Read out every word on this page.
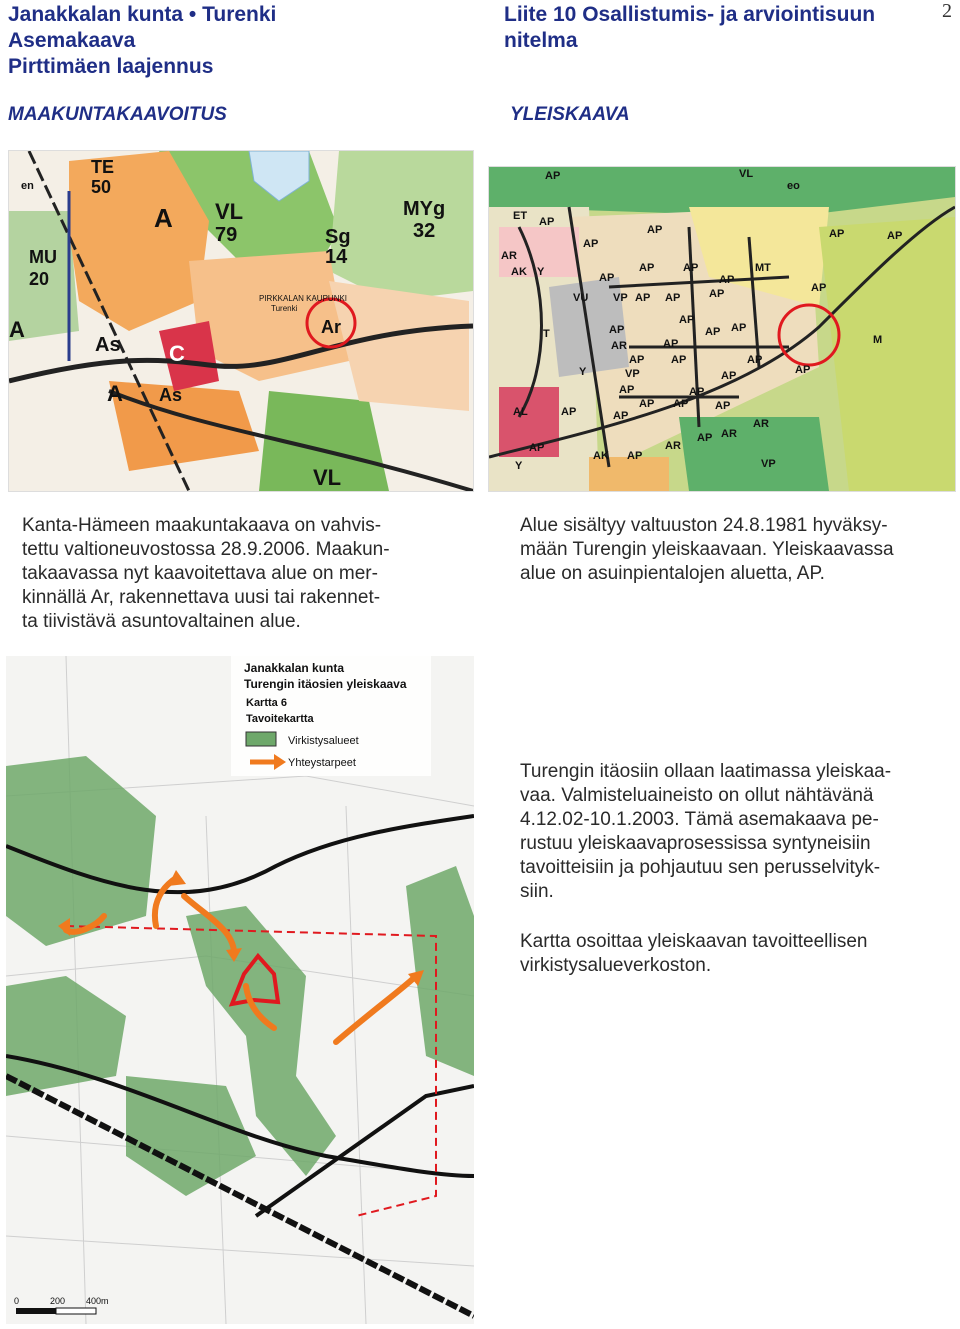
Janakkalan kunta • Turenki
Asemakaava
Pirttimäen laajennus
Liite 10 Osallistumis- ja arviointisuun
nitelma
2
MAAKUNTAKAAVOITUS	YLEISKAAVA
TE
50
en
MU
20
A VL
79	Sg
14
MYg
32
A
As C
Ar
A As
VL
PIRKKALAN KAUPUNKI
Turenki
AP	VL
eo
ET AP
AP
AP	AP	AP
AR
AK Y	AP
AP	AP
AP
MT
AP
VU VP AP AP	AP
AP
T	AP	AP
AR
AP
AP
AP
M
VP
AP	AP
AP
AP
Y	AP
AP
AP
AL	AP	AP
AP AP
AR
AR
AP AR
AK AP
AP
VP
Y
Kanta-Hämeen maakuntakaava on vahvis-
tettu valtioneuvostossa 28.9.2006. Maakun-
takaavassa nyt kaavoitettava alue on mer-
kinnällä Ar, rakennettava uusi tai rakennet-
ta tiivistävä asuntovaltainen alue.
Alue sisältyy valtuuston 24.8.1981 hyväksy-
mään Turengin yleiskaavaan. Yleiskaavassa
alue on asuinpientalojen aluetta, AP.
Janakkalan kunta
Turengin itäosien yleiskaava
Kartta 6
Tavoitekartta
Virkistysalueet
Yhteystarpeet
0	200 400m
Turengin itäosiin ollaan laatimassa yleiskaa-
vaa. Valmisteluaineisto on ollut nähtävänä
4.12.02-10.1.2003. Tämä asemakaava pe-
rustuu yleiskaavaprosessissa syntyneisiin
tavoitteisiin ja pohjautuu sen perusselvityk-
siin.
Kartta osoittaa yleiskaavan tavoitteellisen
virkistysalueverkoston.
